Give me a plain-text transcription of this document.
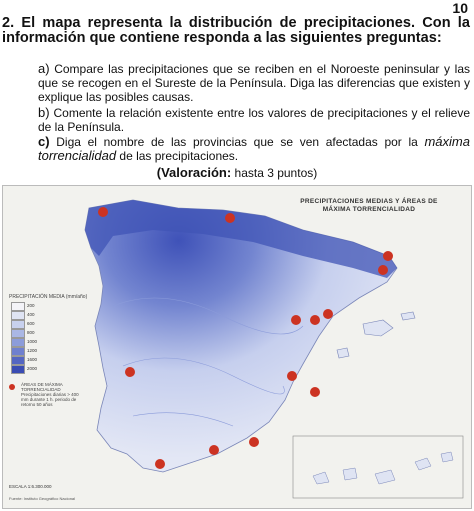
10
2. El mapa representa la distribución de precipitaciones. Con la información que contiene responda a las siguientes preguntas:
a) Compare las precipitaciones que se reciben en el Noroeste peninsular y las que se recogen en el Sureste de la Península. Diga las diferencias que existen y explique las posibles causas.
b) Comente la relación existente entre los valores de precipitaciones y el relieve de la Península.
c) Diga el nombre de las provincias que se ven afectadas por la máxima torrencialidad de las precipitaciones.
(Valoración: hasta 3 puntos)
PRECIPITACIONES MEDIAS Y ÁREAS DE
MÁXIMA TORRENCIALIDAD
PRECIPITACIÓN MEDIA (mm/año)
200
400
600
800
1000
1200
1600
2000
ÁREAS DE MÁXIMA TORRENCIALIDAD
Precipitaciones diarias > 400 mm durante 1 h. periodo de retorno 50 años
ESCALA 1:6.300.000
Fuente: Instituto Geográfico Nacional
